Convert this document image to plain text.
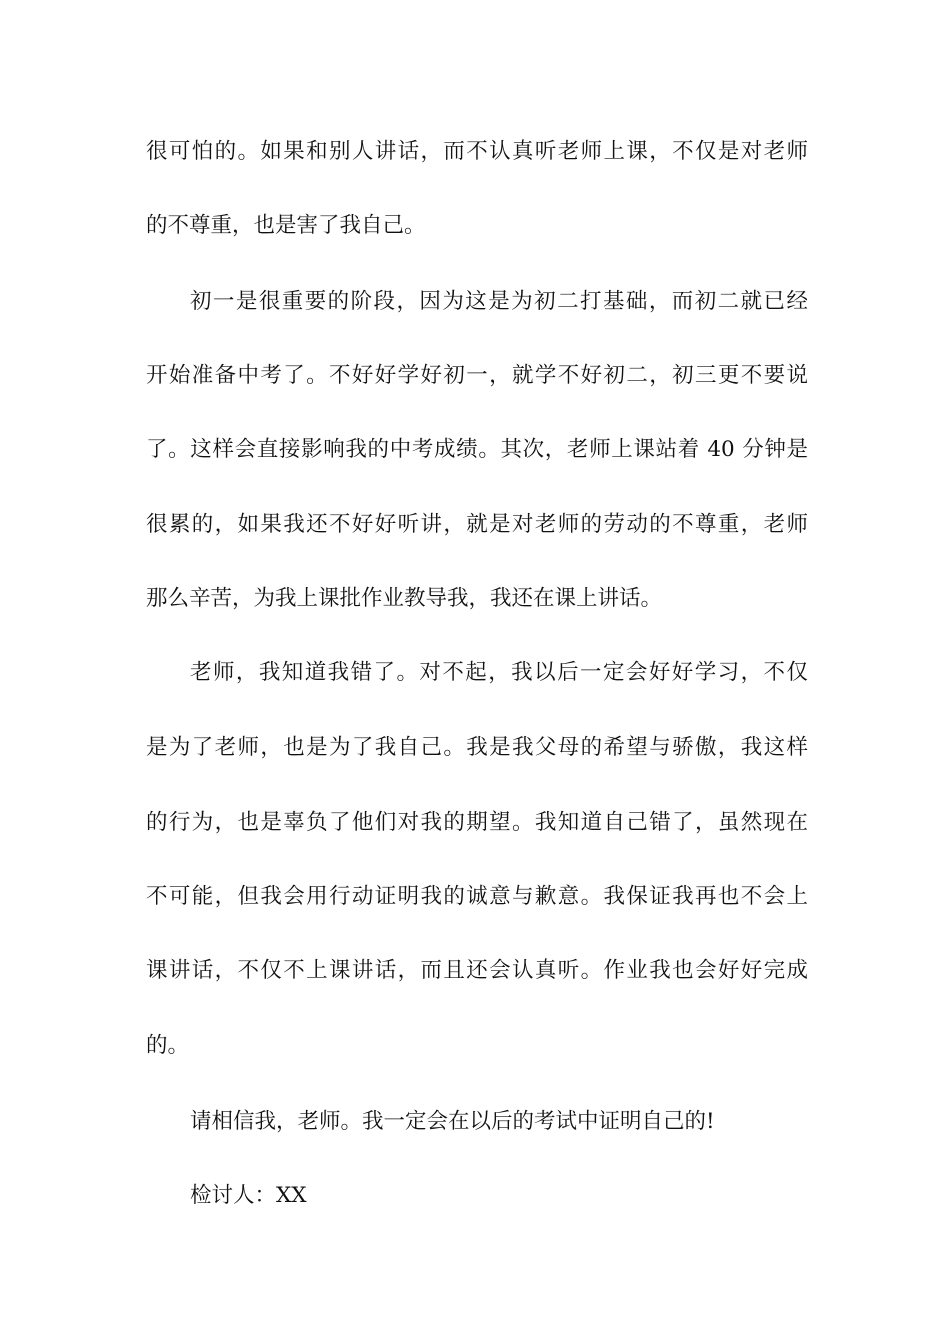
很可怕的。如果和别人讲话，而不认真听老师上课，不仅是对老师
的不尊重，也是害了我自己。
初一是很重要的阶段，因为这是为初二打基础，而初二就已经
开始准备中考了。不好好学好初一，就学不好初二，初三更不要说
了。这样会直接影响我的中考成绩。其次，老师上课站着 40 分钟是
很累的，如果我还不好好听讲，就是对老师的劳动的不尊重，老师
那么辛苦，为我上课批作业教导我，我还在课上讲话。
老师，我知道我错了。对不起，我以后一定会好好学习，不仅
是为了老师，也是为了我自己。我是我父母的希望与骄傲，我这样
的行为，也是辜负了他们对我的期望。我知道自己错了，虽然现在
不可能，但我会用行动证明我的诚意与歉意。我保证我再也不会上
课讲话，不仅不上课讲话，而且还会认真听。作业我也会好好完成
的。
请相信我，老师。我一定会在以后的考试中证明自己的!
检讨人：XX
